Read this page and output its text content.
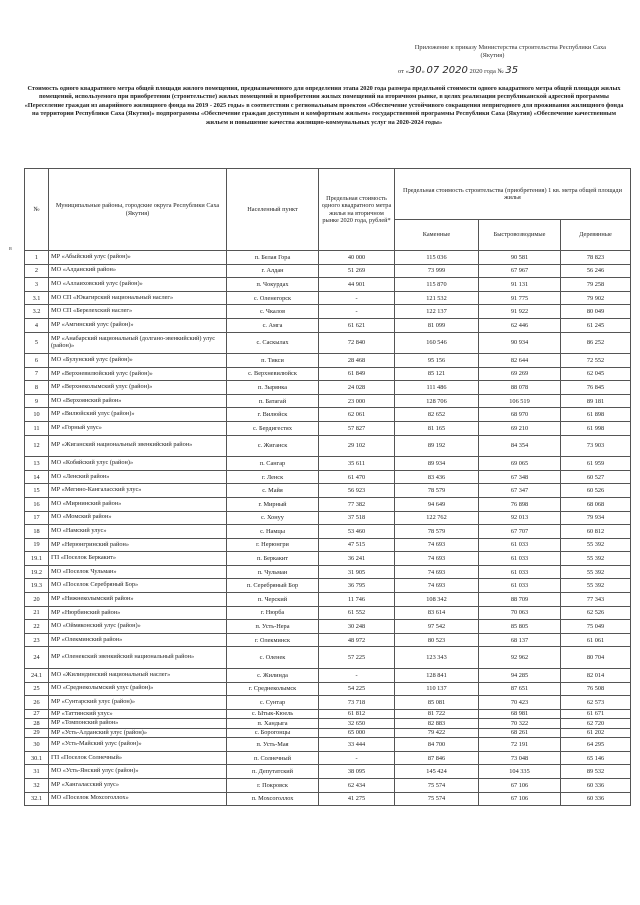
Приложение к приказу Министерства строительства Республики Саха
(Якутия)
от «30» 07 2020 2020 года № 35
Стоимость одного квадратного метра общей площади жилого помещения, предназначенного для определения этапа 2020 года размера предельной стоимости одного квадратного метра общей площади жилых помещений, используемого при приобретении (строительстве) жилых помещений и приобретении жилых помещений на вторичном рынке, в целях реализации республиканской адресной программы «Переселение граждан из аварийного жилищного фонда на 2019 - 2025 годы» в соответствии с региональным проектом «Обеспечение устойчивого сокращения непригодного для проживания жилищного фонда на территории Республики Саха (Якутия)» подпрограммы «Обеспечение граждан доступным и комфортным жильем» государственной программы Республики Саха (Якутия) «Обеспечение качественным жильем и повышение качества жилищно-коммунальных услуг на 2020-2024 годы»
в
№	Муниципальные районы, городские округа Республики Саха (Якутия)	Населенный пункт	Предельная стоимость одного квадратного метра жилья на вторичном рынке 2020 года, рублей*	Предельная стоимость строительства (приобретения) 1 кв. метра общей площади жилья		
				Каменные	Быстровозводимые	Деревянные
1	МР «Абыйский улус (район)»	п. Белая Гора	40 000	115 036	90 581	78 823
2	МО «Алданский район»	г. Алдан	51 269	73 999	67 967	56 246
3	МО «Аллаиховский улус (район)»	п. Чокурдах	44 901	115 870	91 131	79 258
3.1	МО СП «Юкагирский национальный наслег»	с. Оленегорск	-	121 532	91 775	79 902
3.2	МО СП «Берелехский наслег»	с. Чкалов	-	122 137	91 922	80 049
4	МР «Амгинский улус (район)»	с. Амга	61 621	81 099	62 446	61 245
5	МР «Анабарский национальный (долгано-эвенкийский) улус (район)»	с. Саскылах	72 840	160 546	90 934	86 252
6	МО «Булунский улус (район)»	п. Тикси	28 468	95 156	82 644	72 552
7	МР «Верхневилюйский улус (район)»	с. Верхневилюйск	61 849	85 121	69 269	62 045
8	МР «Верхнеколымский улус (район)»	п. Зырянка	24 028	111 486	88 078	76 845
9	МО «Верхоянский район»	п. Батагай	23 000	128 706	106 519	89 181
10	МР «Вилюйский улус (район)»	г. Вилюйск	62 061	82 652	68 970	61 898
11	МР «Горный улус»	с. Бердигестях	57 827	81 165	69 210	61 998
12	МР «Жиганский национальный эвенкийский район»	с. Жиганск	29 102	89 192	84 354	73 903
13	МО «Кобяйский улус (район)»	п. Сангар	35 611	89 934	69 065	61 959
14	МО «Ленский район»	г. Ленск	61 470	83 436	67 348	60 527
15	МР «Мегино-Кангаласский улус»	с. Майя	56 923	78 579	67 347	60 526
16	МО «Мирнинский район»	г. Мирный	77 382	94 649	76 898	68 068
17	МО «Момский район»	с. Хонуу	37 518	122 762	92 013	79 934
18	МО «Намский улус»	с. Намцы	53 460	78 579	67 707	60 812
19	МР «Нерюнгринский район»	г. Нерюнгри	47 515	74 693	61 033	55 392
19.1	ГП «Поселок Беркакит»	п. Беркакит	36 241	74 693	61 033	55 392
19.2	МО «Поселок Чульман»	п. Чульман	31 905	74 693	61 033	55 392
19.3	МО «Поселок Серебряный Бор»	п. Серебряный Бор	36 795	74 693	61 033	55 392
20	МР «Нижнеколымский район»	п. Черский	11 746	108 342	88 709	77 343
21	МР «Нюрбинский район»	г. Нюрба	61 552	83 614	70 063	62 526
22	МО «Оймяконский улус (район)»	п. Усть-Нера	30 248	97 542	85 805	75 049
23	МР «Олекминский район»	г. Олекминск	48 972	80 523	68 137	61 061
24	МР «Оленекский эвенкийский национальный район»	с. Оленек	57 225	123 343	92 962	80 704
24.1	МО «Жилиндинский национальный наслег»	с. Жилинда	-	128 841	94 285	82 014
25	МО «Среднеколымский улус (район)»	г. Среднеколымск	54 225	110 137	87 651	76 508
26	МР «Сунтарский улус (район)»	с. Сунтар	73 718	85 081	70 423	62 573
27	МР «Таттинский улус»	с. Ытык-Кюель	61 812	81 722	68 981	61 671
28	МР «Томпонский район»	п. Хандыга	32 650	82 883	70 322	62 720
29	МР «Усть-Алданский улус (район)»	с. Борогонцы	65 000	79 422	68 261	61 202
30	МР «Усть-Майский улус (район)»	п. Усть-Мая	33 444	84 700	72 191	64 295
30.1	ГП «Поселок Солнечный»	п. Солнечный	-	87 846	73 048	65 146
31	МО «Усть-Янский улус (район)»	п. Депутатский	38 095	145 424	104 335	89 532
32	МР «Хангаласский улус»	г. Покровск	62 434	75 574	67 106	60 336
32.1	МО «Поселок Мохсоголлох»	п. Мохсоголлох	41 275	75 574	67 106	60 336
